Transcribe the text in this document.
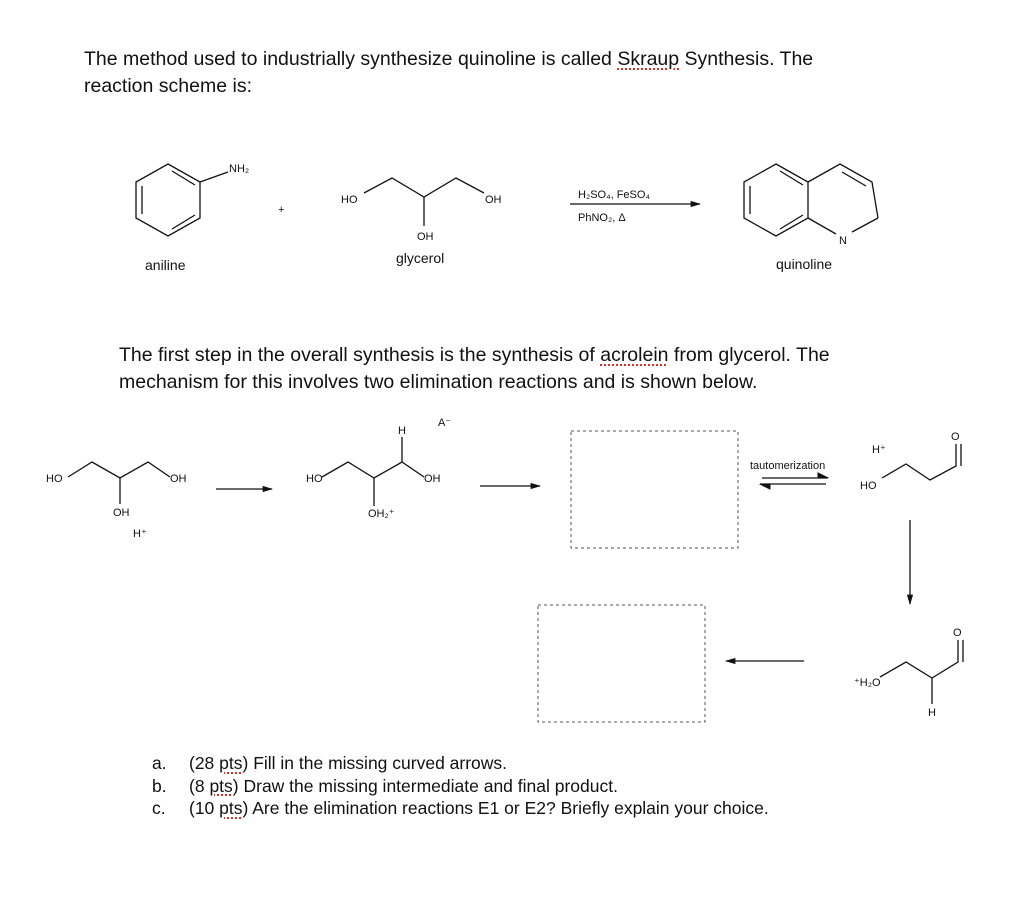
The method used to industrially synthesize quinoline is called Skraup Synthesis. The
reaction scheme is:

The first step in the overall synthesis is the synthesis of acrolein from glycerol. The
mechanism for this involves two elimination reactions and is shown below.

NH₂
aniline
+
HO	OH
OH
glycerol
H₂SO₄, FeSO₄
PhNO₂, Δ
N
quinoline
HO	OH
OH
H⁺
H
A⁻
HO	OH
OH₂⁺
tautomerization
H⁺
O
HO
O
⁺H₂O
H
a.	(28 pts) Fill in the missing curved arrows.
b.	(8 pts) Draw the missing intermediate and final product.
c.	(10 pts) Are the elimination reactions E1 or E2? Briefly explain your choice.
